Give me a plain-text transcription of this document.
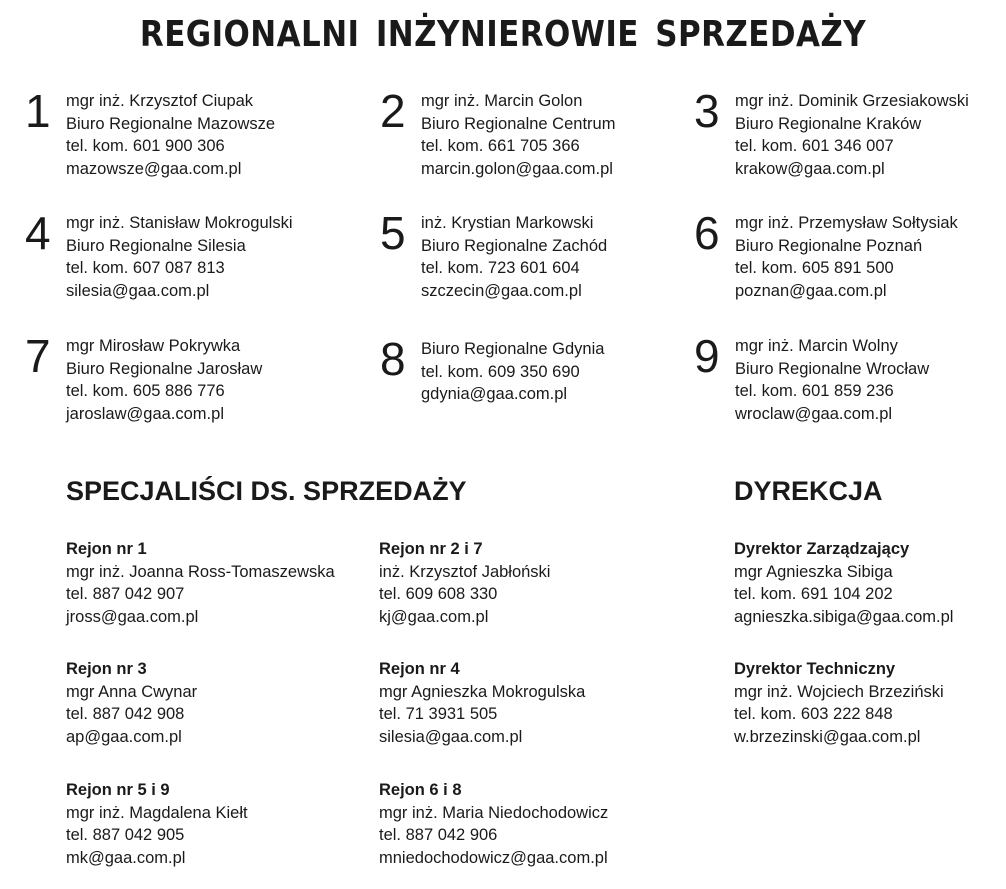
REGIONALNI INŻYNIEROWIE SPRZEDAŻY
1 mgr inż. Krzysztof Ciupak
Biuro Regionalne Mazowsze
tel. kom. 601 900 306
mazowsze@gaa.com.pl
2 mgr inż. Marcin Golon
Biuro Regionalne Centrum
tel. kom. 661 705 366
marcin.golon@gaa.com.pl
3 mgr inż. Dominik Grzesiakowski
Biuro Regionalne Kraków
tel. kom. 601 346 007
krakow@gaa.com.pl
4 mgr inż. Stanisław Mokrogulski
Biuro Regionalne Silesia
tel. kom. 607 087 813
silesia@gaa.com.pl
5 inż. Krystian Markowski
Biuro Regionalne Zachód
tel. kom. 723 601 604
szczecin@gaa.com.pl
6 mgr inż. Przemysław Sołtysiak
Biuro Regionalne Poznań
tel. kom. 605 891 500
poznan@gaa.com.pl
7 mgr Mirosław Pokrywka
Biuro Regionalne Jarosław
tel. kom. 605 886 776
jaroslaw@gaa.com.pl
8 Biuro Regionalne Gdynia
tel. kom. 609 350 690
gdynia@gaa.com.pl
9 mgr inż. Marcin Wolny
Biuro Regionalne Wrocław
tel. kom. 601 859 236
wroclaw@gaa.com.pl
SPECJALIŚCI DS. SPRZEDAŻY
Rejon nr 1
mgr inż. Joanna Ross-Tomaszewska
tel. 887 042 907
jross@gaa.com.pl
Rejon nr 2 i 7
inż. Krzysztof Jabłoński
tel. 609 608 330
kj@gaa.com.pl
Rejon nr 3
mgr Anna Cwynar
tel. 887 042 908
ap@gaa.com.pl
Rejon nr 4
mgr Agnieszka Mokrogulska
tel. 71 3931 505
silesia@gaa.com.pl
Rejon nr 5 i 9
mgr inż. Magdalena Kiełt
tel. 887 042 905
mk@gaa.com.pl
Rejon 6 i 8
mgr inż. Maria Niedochodowicz
tel. 887 042 906
mniedochodowicz@gaa.com.pl
DYREKCJA
Dyrektor Zarządzający
mgr Agnieszka Sibiga
tel. kom. 691 104 202
agnieszka.sibiga@gaa.com.pl
Dyrektor Techniczny
mgr inż. Wojciech Brzeziński
tel. kom. 603 222 848
w.brzezinski@gaa.com.pl
